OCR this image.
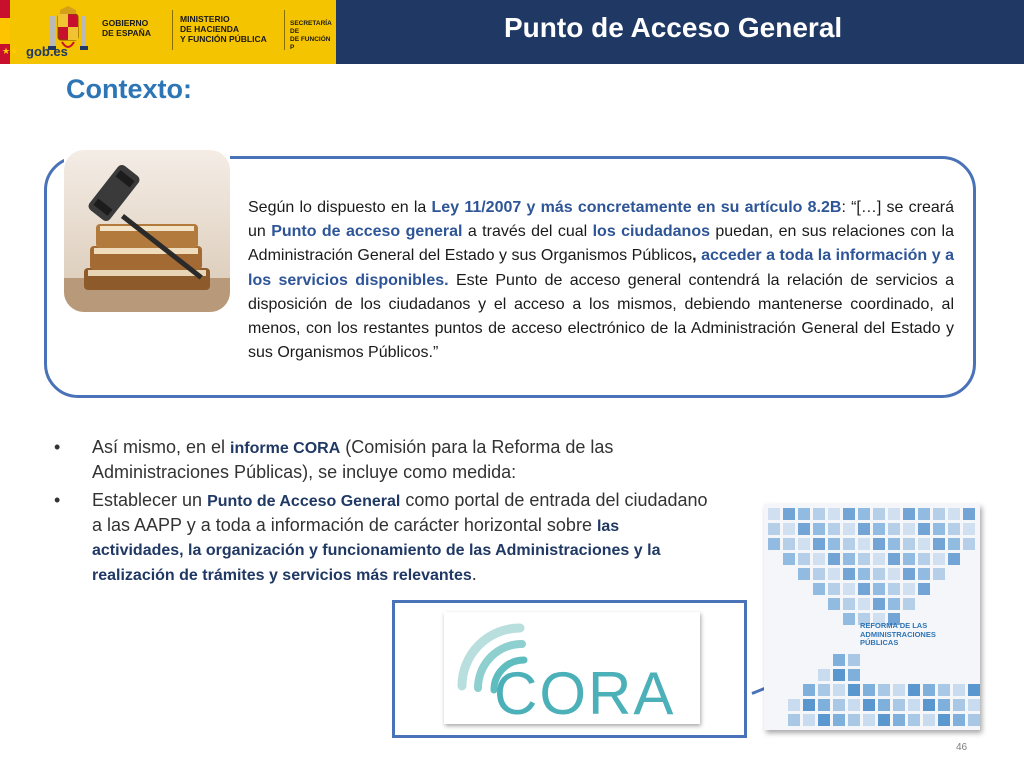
★★
GOBIERNO
DE ESPAÑA
MINISTERIO
DE HACIENDA
Y FUNCIÓN PÚBLICA
SECRETARÍA DE
DE FUNCIÓN P
gob.es
Punto de Acceso General
Contexto:
Según lo dispuesto en la Ley 11/2007 y más concretamente en su artículo 8.2B: “[…] se creará un Punto de acceso general a través del cual los ciudadanos puedan, en sus relaciones con la Administración General del Estado y sus Organismos Públicos, acceder a toda la información y a los servicios disponibles. Este Punto de acceso general contendrá la relación de servicios a disposición de los ciudadanos y el acceso a los mismos, debiendo mantenerse coordinado, al menos, con los restantes puntos de acceso electrónico de la Administración General del Estado y sus Organismos Públicos.”
• Así mismo, en el informe CORA (Comisión para la Reforma de las Administraciones Públicas), se incluye como medida:
• Establecer un Punto de Acceso General como portal de entrada del ciudadano a las AAPP y a toda a información de carácter horizontal sobre las actividades, la organización y funcionamiento de las Administraciones y la realización de trámites y servicios más relevantes.
CORA
REFORMA DE LAS
ADMINISTRACIONES
PÚBLICAS
46
